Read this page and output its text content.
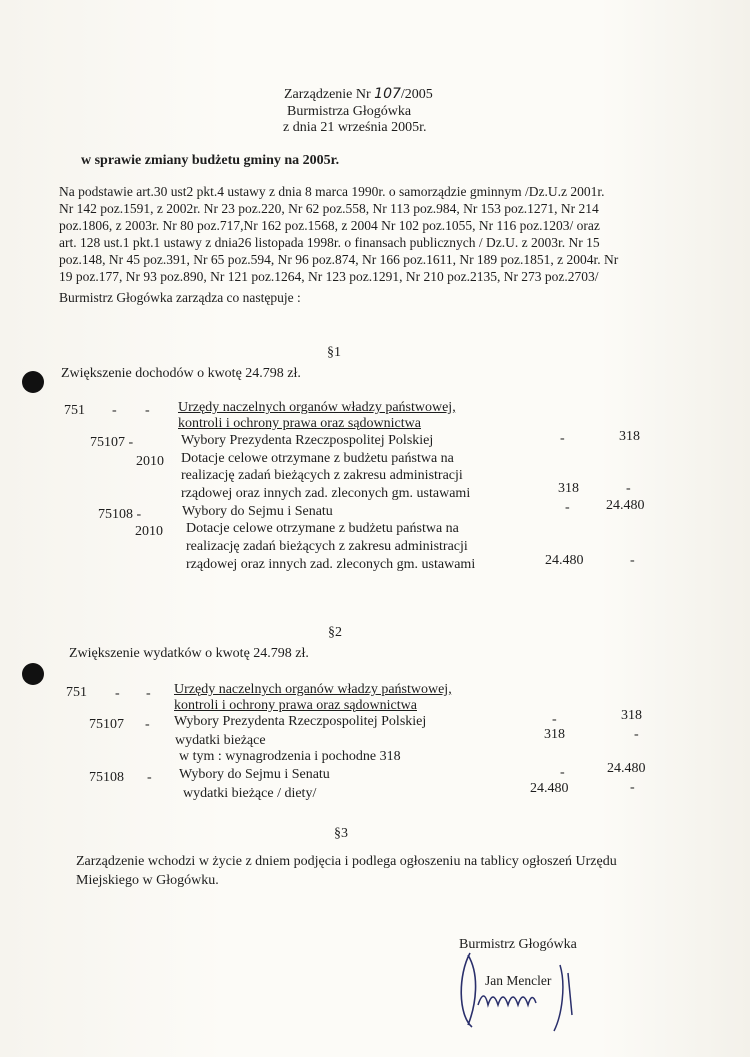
Zarządzenie Nr 107/2005
Burmistrza Głogówka
z dnia 21 września 2005r.
w sprawie zmiany budżetu gminy na 2005r.
Na podstawie art.30 ust2 pkt.4 ustawy z dnia 8 marca 1990r. o samorządzie gminnym /Dz.U.z 2001r.
Nr 142 poz.1591, z 2002r. Nr 23 poz.220, Nr 62 poz.558, Nr 113 poz.984, Nr 153 poz.1271, Nr 214
poz.1806, z 2003r. Nr 80 poz.717,Nr 162 poz.1568, z 2004 Nr 102 poz.1055, Nr 116 poz.1203/ oraz
art. 128 ust.1 pkt.1 ustawy z dnia26 listopada 1998r. o finansach publicznych / Dz.U. z 2003r. Nr 15
poz.148, Nr 45 poz.391, Nr 65 poz.594, Nr 96 poz.874, Nr 166 poz.1611, Nr 189 poz.1851, z 2004r. Nr
19 poz.177, Nr 93 poz.890, Nr 121 poz.1264, Nr 123 poz.1291, Nr 210 poz.2135, Nr 273 poz.2703/
Burmistrz Głogówka zarządza co następuje :
§1
Zwiększenie dochodów o kwotę 24.798 zł.
751 - - Urzędy naczelnych organów władzy państwowej,
kontroli i ochrony prawa oraz sądownictwa
75107 -	Wybory Prezydenta Rzeczpospolitej Polskiej	-	318
2010 Dotacje celowe otrzymane z budżetu państwa na
realizację zadań bieżących z zakresu administracji
rządowej oraz innych zad. zleconych gm. ustawami	318	-
75108 -	Wybory do Sejmu i Senatu	-	24.480
2010 Dotacje celowe otrzymane z budżetu państwa na
realizację zadań bieżących z zakresu administracji
rządowej oraz innych zad. zleconych gm. ustawami	24.480	-
§2
Zwiększenie wydatków o kwotę 24.798 zł.
751 - - Urzędy naczelnych organów władzy państwowej,
kontroli i ochrony prawa oraz sądownictwa
75107 - Wybory Prezydenta Rzeczpospolitej Polskiej	-	318
wydatki bieżące	318	-
w tym : wynagrodzenia i pochodne 318
75108 - Wybory do Sejmu i Senatu	-	24.480
wydatki bieżące / diety/	24.480	-
§3
Zarządzenie wchodzi w życie z dniem podjęcia i podlega ogłoszeniu na tablicy ogłoszeń Urzędu
Miejskiego w Głogówku.
Burmistrz Głogówka
Jan Mencler
